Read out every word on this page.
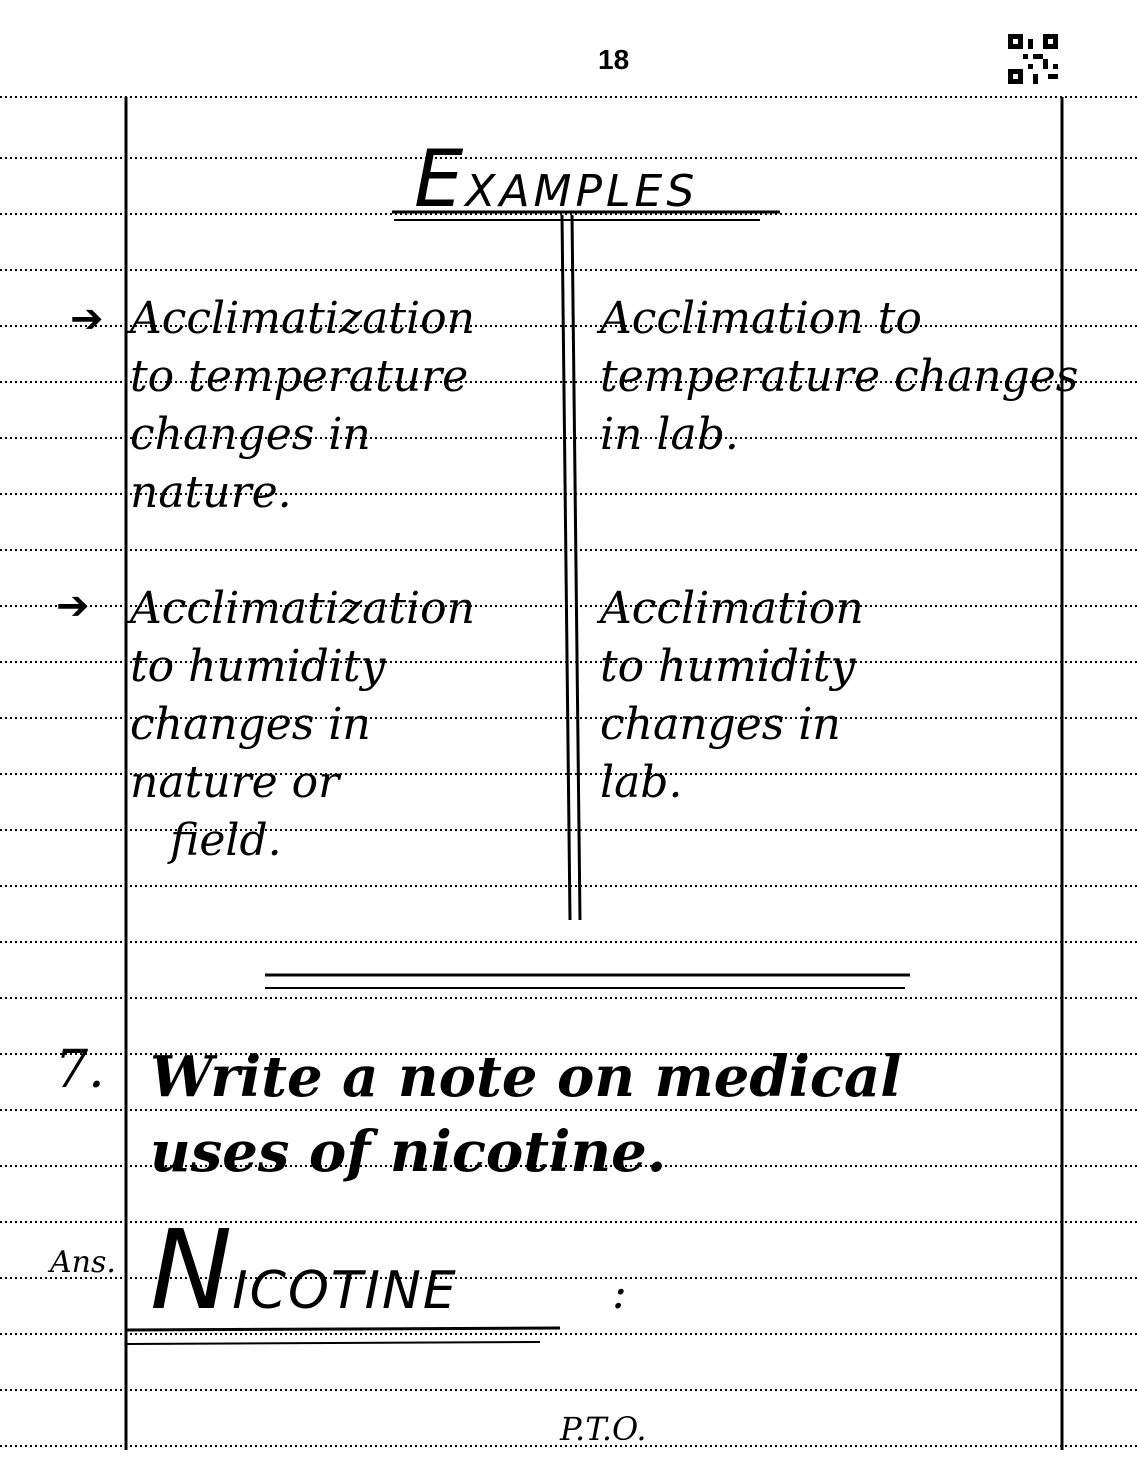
18
EXAMPLES
➔ Acclimatization
to temperature
changes in
nature.
Acclimation to
temperature changes
in lab.
➔ Acclimatization
to humidity
changes in
nature or
field.
Acclimation
to humidity
changes in
lab.
7. Write a note on medical
uses of nicotine.
Ans. NICOTINE	:
P.T.O.
